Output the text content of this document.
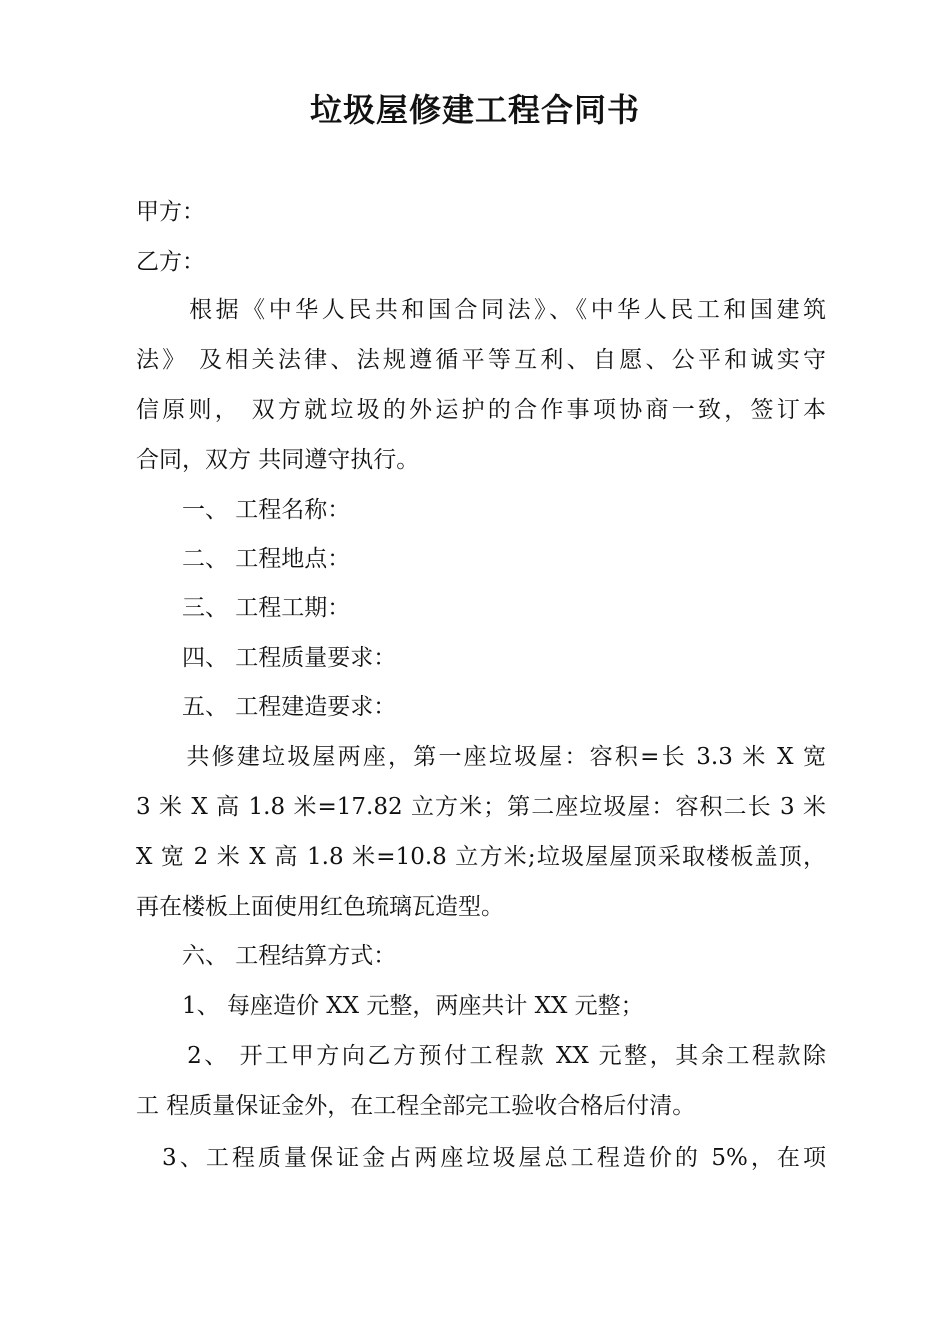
垃圾屋修建工程合同书
甲方：
乙方：
　　根据《中华人民共和国合同法》、《中华人民工和国建筑
法》 及相关法律、法规遵循平等互利、自愿、公平和诚实守
信原则， 双方就垃圾的外运护的合作事项协商一致，签订本
合同，双方 共同遵守执行。
　　一、 工程名称：
　　二、 工程地点：
　　三、 工程工期：
　　四、 工程质量要求：
　　五、 工程建造要求：
　　共修建垃圾屋两座，第一座垃圾屋：容积=长 3.3 米 X 宽
3 米 X 高 1.8 米=17.82 立方米；第二座垃圾屋：容积二长 3 米
X 宽 2 米 X 高 1.8 米=10.8 立方米;垃圾屋屋顶采取楼板盖顶，
再在楼板上面使用红色琉璃瓦造型。
　　六、 工程结算方式：
　　1、 每座造价 XX 元整，两座共计 XX 元整；
　　2、 开工甲方向乙方预付工程款 XX 元整，其余工程款除
工 程质量保证金外，在工程全部完工验收合格后付清。
　3、工程质量保证金占两座垃圾屋总工程造价的 5%，在项
